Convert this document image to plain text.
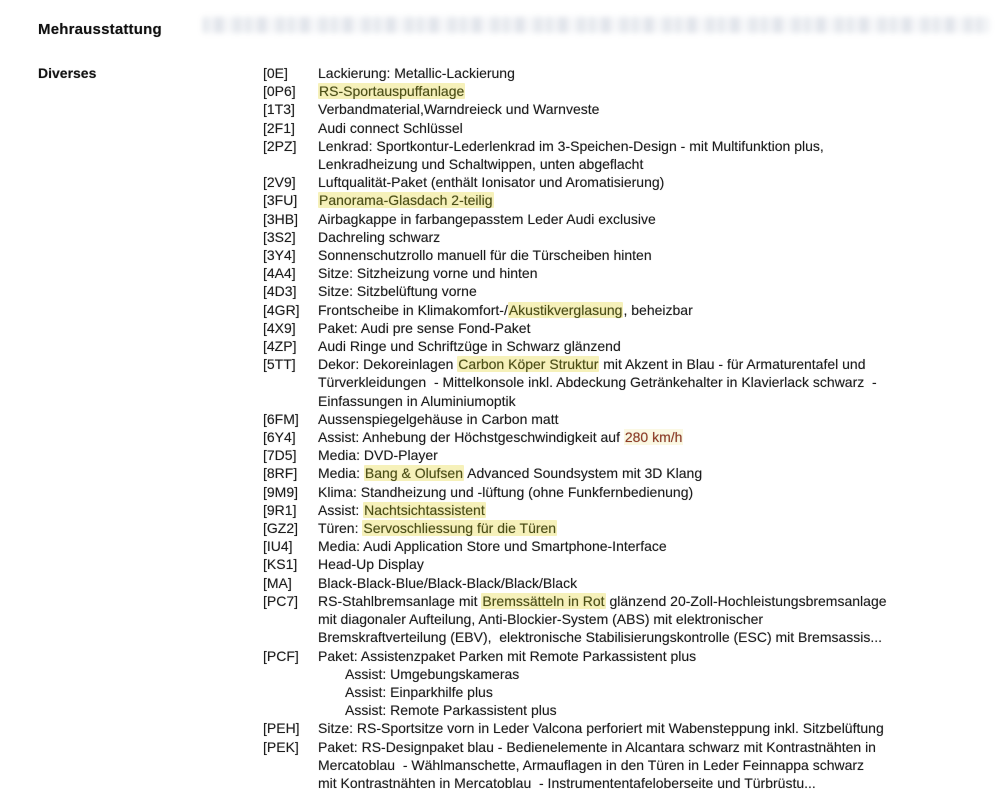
Mehrausstattung
Diverses	[0E]	Lackierung: Metallic-Lackierung
[0P6]	RS-Sportauspuffanlage
[1T3]	Verbandmaterial,Warndreieck und Warnveste
[2F1]	Audi connect Schlüssel
[2PZ]	Lenkrad: Sportkontur-Lederlenkrad im 3-Speichen-Design - mit Multifunktion plus,
Lenkradheizung und Schaltwippen, unten abgeflacht
[2V9]	Luftqualität-Paket (enthält Ionisator und Aromatisierung)
[3FU]	Panorama-Glasdach 2-teilig
[3HB]	Airbagkappe in farbangepasstem Leder Audi exclusive
[3S2]	Dachreling schwarz
[3Y4]	Sonnenschutzrollo manuell für die Türscheiben hinten
[4A4]	Sitze: Sitzheizung vorne und hinten
[4D3]	Sitze: Sitzbelüftung vorne
[4GR]	Frontscheibe in Klimakomfort-/Akustikverglasung, beheizbar
[4X9]	Paket: Audi pre sense Fond-Paket
[4ZP]	Audi Ringe und Schriftzüge in Schwarz glänzend
[5TT]	Dekor: Dekoreinlagen Carbon Köper Struktur mit Akzent in Blau - für Armaturentafel und
Türverkleidungen  - Mittelkonsole inkl. Abdeckung Getränkehalter in Klavierlack schwarz  -
Einfassungen in Aluminiumoptik
[6FM]	Aussenspiegelgehäuse in Carbon matt
[6Y4]	Assist: Anhebung der Höchstgeschwindigkeit auf 280 km/h
[7D5]	Media: DVD-Player
[8RF]	Media: Bang & Olufsen Advanced Soundsystem mit 3D Klang
[9M9]	Klima: Standheizung und -lüftung (ohne Funkfernbedienung)
[9R1]	Assist: Nachtsichtassistent
[GZ2]	Türen: Servoschliessung für die Türen
[IU4]	Media: Audi Application Store und Smartphone-Interface
[KS1]	Head-Up Display
[MA]	Black-Black-Blue/Black-Black/Black/Black
[PC7]	RS-Stahlbremsanlage mit Bremssätteln in Rot glänzend 20-Zoll-Hochleistungsbremsanlage
mit diagonaler Aufteilung, Anti-Blockier-System (ABS) mit elektronischer
Bremskraftverteilung (EBV),  elektronische Stabilisierungskontrolle (ESC) mit Bremsassis...
[PCF]	Paket: Assistenzpaket Parken mit Remote Parkassistent plus
Assist: Umgebungskameras
Assist: Einparkhilfe plus
Assist: Remote Parkassistent plus
[PEH]	Sitze: RS-Sportsitze vorn in Leder Valcona perforiert mit Wabensteppung inkl. Sitzbelüftung
[PEK]	Paket: RS-Designpaket blau - Bedienelemente in Alcantara schwarz mit Kontrastnähten in
Mercatoblau  - Wählmanschette, Armauflagen in den Türen in Leder Feinnappa schwarz
mit Kontrastnähten in Mercatoblau  - Instrumententafeloberseite und Türbrüstu...
